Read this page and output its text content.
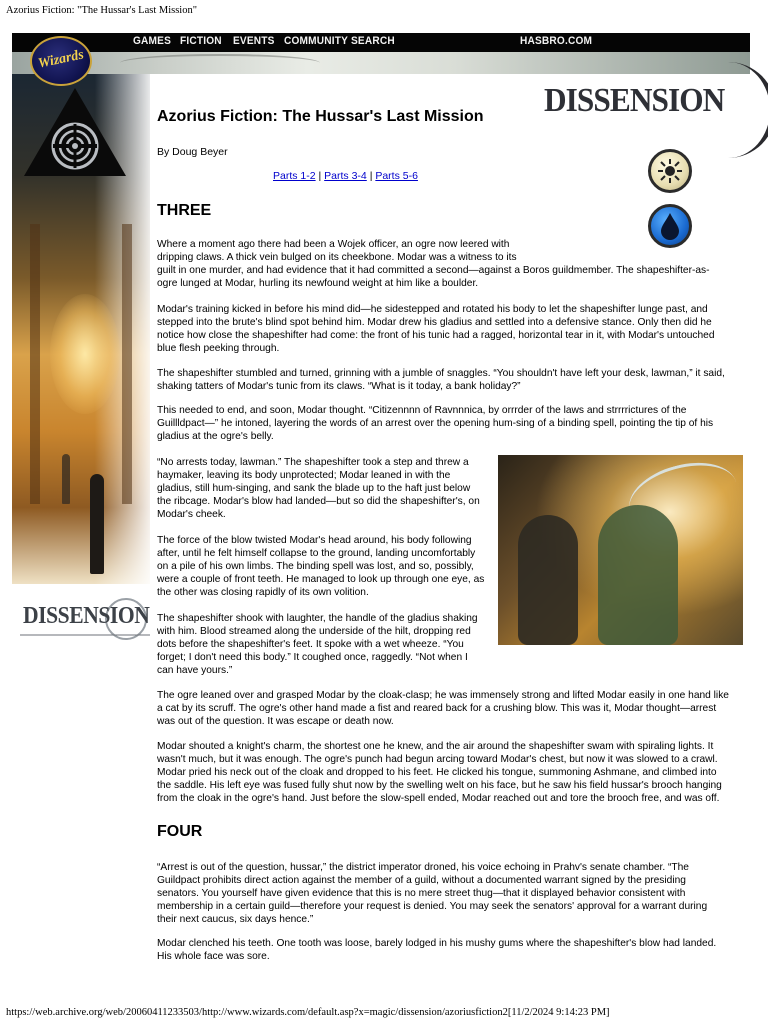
Azorius Fiction: "The Hussar's Last Mission"
GAMES FICTION EVENTS COMMUNITY SEARCH	HASBRO.COM
Wizards
DISSENSION
DISSENSION
Azorius Fiction: The Hussar's Last Mission
By Doug Beyer
Parts 1-2 | Parts 3-4 | Parts 5-6
THREE
Where a moment ago there had been a Wojek officer, an ogre now leered with
dripping claws. A thick vein bulged on its cheekbone. Modar was a witness to its
guilt in one murder, and had evidence that it had committed a second—against a Boros guildmember. The shapeshifter-as-
ogre lunged at Modar, hurling its newfound weight at him like a boulder.
Modar's training kicked in before his mind did—he sidestepped and rotated his body to let the shapeshifter lunge past, and
stepped into the brute's blind spot behind him. Modar drew his gladius and settled into a defensive stance. Only then did he
notice how close the shapeshifter had come: the front of his tunic had a ragged, horizontal tear in it, with Modar's untouched
blue flesh peeking through.
The shapeshifter stumbled and turned, grinning with a jumble of snaggles. “You shouldn't have left your desk, lawman,” it said,
shaking tatters of Modar's tunic from its claws. “What is it today, a bank holiday?”
This needed to end, and soon, Modar thought. “Citizennnn of Ravnnnica, by orrrder of the laws and strrrrictures of the
Guillldpact—” he intoned, layering the words of an arrest over the opening hum-sing of a binding spell, pointing the tip of his
gladius at the ogre's belly.
“No arrests today, lawman.” The shapeshifter took a step and threw a
haymaker, leaving its body unprotected; Modar leaned in with the
gladius, still hum-singing, and sank the blade up to the haft just below
the ribcage. Modar's blow had landed—but so did the shapeshifter's, on
Modar's cheek.
The force of the blow twisted Modar's head around, his body following
after, until he felt himself collapse to the ground, landing uncomfortably
on a pile of his own limbs. The binding spell was lost, and so, possibly,
were a couple of front teeth. He managed to look up through one eye, as
the other was closing rapidly of its own volition.
The shapeshifter shook with laughter, the handle of the gladius shaking
with him. Blood streamed along the underside of the hilt, dropping red
dots before the shapeshifter's feet. It spoke with a wet wheeze. “You
forget; I don't need this body.” It coughed once, raggedly. “Not when I
can have yours.”
The ogre leaned over and grasped Modar by the cloak-clasp; he was immensely strong and lifted Modar easily in one hand like
a cat by its scruff. The ogre's other hand made a fist and reared back for a crushing blow. This was it, Modar thought—arrest
was out of the question. It was escape or death now.
Modar shouted a knight's charm, the shortest one he knew, and the air around the shapeshifter swam with spiraling lights. It
wasn't much, but it was enough. The ogre's punch had begun arcing toward Modar's chest, but now it was slowed to a crawl.
Modar pried his neck out of the cloak and dropped to his feet. He clicked his tongue, summoning Ashmane, and climbed into
the saddle. His left eye was fused fully shut now by the swelling welt on his face, but he saw his field hussar's brooch hanging
from the cloak in the ogre's hand. Just before the slow-spell ended, Modar reached out and tore the brooch free, and was off.
FOUR
“Arrest is out of the question, hussar,” the district imperator droned, his voice echoing in Prahv's senate chamber. “The
Guildpact prohibits direct action against the member of a guild, without a documented warrant signed by the presiding
senators. You yourself have given evidence that this is no mere street thug—that it displayed behavior consistent with
membership in a certain guild—therefore your request is denied. You may seek the senators' approval for a warrant during
their next caucus, six days hence.”
Modar clenched his teeth. One tooth was loose, barely lodged in his mushy gums where the shapeshifter's blow had landed.
His whole face was sore.
https://web.archive.org/web/20060411233503/http://www.wizards.com/default.asp?x=magic/dissension/azoriusfiction2[11/2/2024 9:14:23 PM]
